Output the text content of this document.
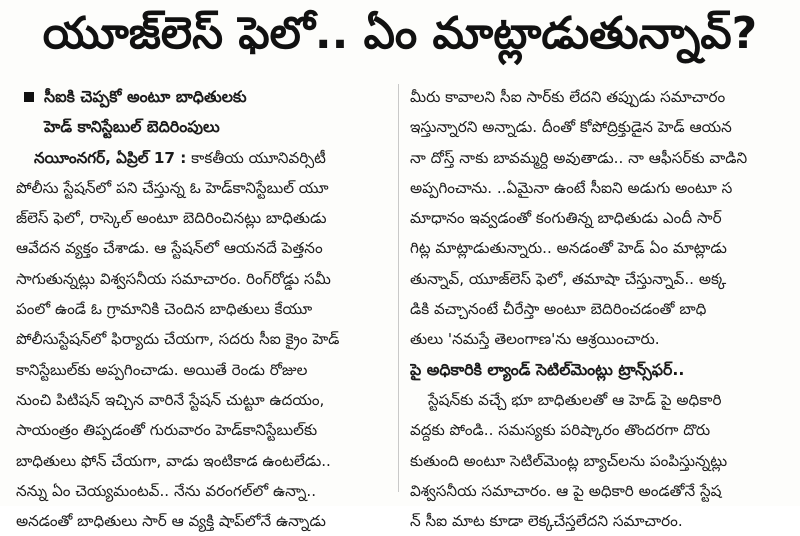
యూజ్‌లెస్ ఫెలో.. ఏం మాట్లాడుతున్నావ్?
సీఐకి చెప్పకో అంటూ బాధితులకు
హెడ్ కానిస్టేబుల్ బెదిరింపులు
నయీంనగర్, ఏప్రిల్ 17 : కాకతీయ యూనివర్సిటీ
పోలీసు స్టేషన్‌లో పని చేస్తున్న ఓ హెడ్‌కానిస్టేబుల్ యూ
జ్‌లెస్ ఫెలో, రాస్కెల్ అంటూ బెదిరించినట్లు బాధితుడు
ఆవేదన వ్యక్తం చేశాడు. ఆ స్టేషన్‌లో ఆయనదే పెత్తనం
సాగుతున్నట్లు విశ్వసనీయ సమాచారం. రింగ్‌రోడ్డు సమీ
పంలో ఉండే ఓ గ్రామానికి చెందిన బాధితులు కేయూ
పోలీసుస్టేషన్‌లో ఫిర్యాదు చేయగా, సదరు సీఐ క్రైం హెడ్
కానిస్టేబుల్‌కు అప్పగించాడు. అయితే రెండు రోజుల
నుంచి పిటిషన్ ఇచ్చిన వారినే స్టేషన్ చుట్టూ ఉదయం,
సాయంత్రం తిప్పడంతో గురువారం హెడ్‌కానిస్టేబుల్‌కు
బాధితులు ఫోన్ చేయగా, వాడు ఇంటికాడ ఉంటలేడు..
నన్ను ఏం చెయ్యమంటవ్.. నేను వరంగల్‌లో ఉన్నా..
అనడంతో బాధితులు సార్ ఆ వ్యక్తి షాప్‌లోనే ఉన్నాడు
మీరు కావాలని సీఐ సార్‌కు లేదని తప్పుడు సమాచారం
ఇస్తున్నారని అన్నాడు. దీంతో కోపోద్రిక్తుడైన హెడ్ ఆయన
నా దోస్త్ నాకు బావమ్మర్ది అవుతాడు.. నా ఆఫీసర్‌కు వాడిని
అప్పగించాను. ..ఏమైనా ఉంటే సీఐని అడుగు అంటూ స
మాధానం ఇవ్వడంతో కంగుతిన్న బాధితుడు ఎందీ సార్
గిట్ల మాట్లాడుతున్నారు.. అనడంతో హెడ్ ఏం మాట్లాడు
తున్నావ్, యూజ్‌లెస్ ఫెలో, తమాషా చేస్తున్నావ్.. అక్క
డికి వచ్చానంటే చీరేస్తా అంటూ బెదిరించడంతో బాధి
తులు 'నమస్తే తెలంగాణ'ను ఆశ్రయించారు.
పై అధికారికి ల్యాండ్ సెటిల్‌మెంట్లు ట్రాన్స్‌ఫర్..
స్టేషన్‌కు వచ్చే భూ బాధితులతో ఆ హెడ్ పై అధికారి
వద్దకు పోండి.. సమస్యకు పరిష్కారం తొందరగా దొరు
కుతుంది అంటూ సెటిల్‌మెంట్ల బ్యాచ్‌లను పంపిస్తున్నట్లు
విశ్వసనీయ సమాచారం. ఆ పై అధికారి అండతోనే స్టేష
న్ సీఐ మాట కూడా లెక్కచేస్తలేదని సమాచారం.
